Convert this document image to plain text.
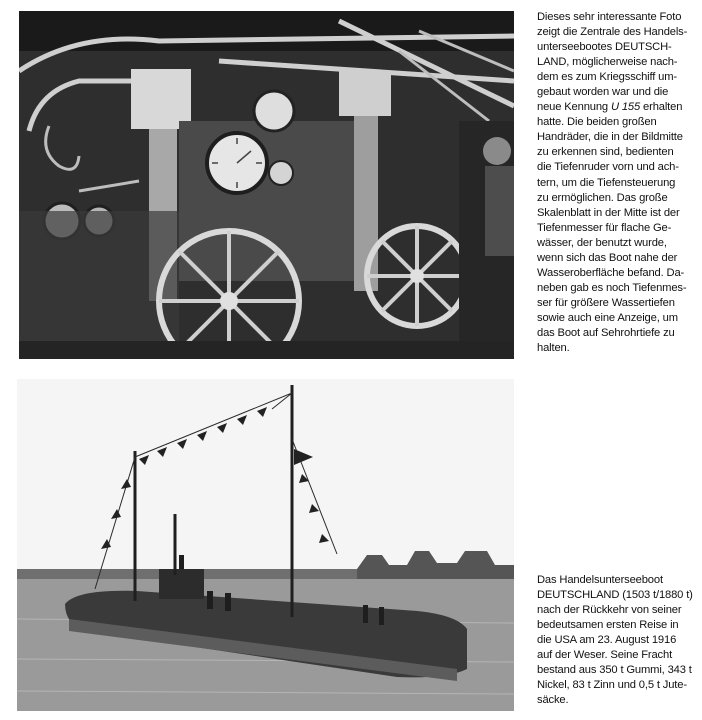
Dieses sehr interessante Foto
zeigt die Zentrale des Handels-
unterseebootes DEUTSCH-
LAND, möglicherweise nach-
dem es zum Kriegsschiff um-
gebaut worden war und die
neue Kennung U 155 erhalten
hatte. Die beiden großen
Handräder, die in der Bildmitte
zu erkennen sind, bedienten
die Tiefenruder vorn und ach-
tern, um die Tiefensteuerung
zu ermöglichen. Das große
Skalenblatt in der Mitte ist der
Tiefenmesser für flache Ge-
wässer, der benutzt wurde,
wenn sich das Boot nahe der
Wasseroberfläche befand. Da-
neben gab es noch Tiefenmes-
ser für größere Wassertiefen
sowie auch eine Anzeige, um
das Boot auf Sehrohrtiefe zu
halten.
Das Handelsunterseeboot
DEUTSCHLAND (1503 t/1880 t)
nach der Rückkehr von seiner
bedeutsamen ersten Reise in
die USA am 23. August 1916
auf der Weser. Seine Fracht
bestand aus 350 t Gummi, 343 t
Nickel, 83 t Zinn und 0,5 t Jute-
säcke.
